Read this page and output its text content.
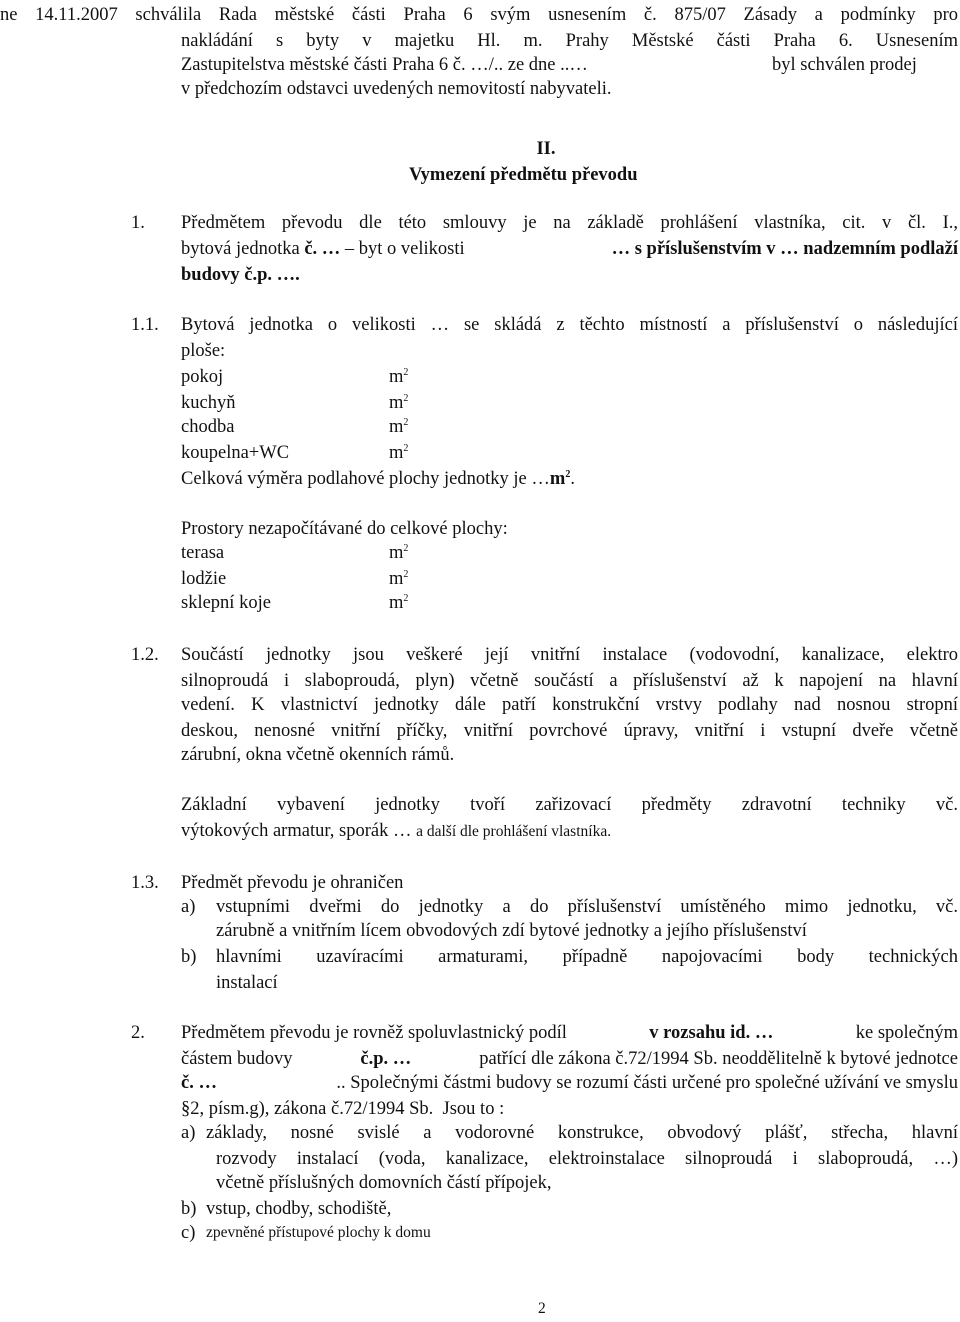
ne 14.11.2007 schválila Rada městské části Praha 6 svým usnesením č. 875/07 Zásady a podmínky pro
nakládání s byty v majetku Hl. m. Prahy Městské části Praha 6. Usnesením
Zastupitelstva městské části Praha 6 č. …/.. ze dne ..…	byl schválen prodej
v předchozím odstavci uvedených nemovitostí nabyvateli.
II.
Vymezení předmětu převodu
1. Předmětem převodu dle této smlouvy je na základě prohlášení vlastníka, cit. v čl. I.,
bytová jednotka č. … – byt o velikosti	… s příslušenstvím v … nadzemním podlaží
budovy č.p. ….
1.1. Bytová jednotka o velikosti … se skládá z těchto místností a příslušenství o následující
ploše:
pokoj	$m^2$
kuchyň	$m^2$
chodba	$m^2$
koupelna+WC	$m^2$
Celková výměra podlahové plochy jednotky je $\dots m^2$.
Prostory nezapočítávané do celkové plochy:
terasa	$m^2$
lodžie	$m^2$
sklepní koje	$m^2$
1.2. Součástí jednotky jsou veškeré její vnitřní instalace (vodovodní, kanalizace, elektro
silnoproudá i slaboproudá, plyn) včetně součástí a příslušenství až k napojení na hlavní
vedení. K vlastnictví jednotky dále patří konstrukční vrstvy podlahy nad nosnou stropní
deskou, nenosné vnitřní příčky, vnitřní povrchové úpravy, vnitřní i vstupní dveře včetně
zárubní, okna včetně okenních rámů.
Základní vybavení jednotky tvoří zařizovací předměty zdravotní techniky vč.
výtokových armatur, sporák … a další dle prohlášení vlastníka.
1.3. Předmět převodu je ohraničen
a) vstupními dveřmi do jednotky a do příslušenství umístěného mimo jednotku, vč.
zárubně a vnitřním lícem obvodových zdí bytové jednotky a jejího příslušenství
b) hlavními uzavíracími armaturami, případně napojovacími body technických
instalací
2. Předmětem převodu je rovněž spoluvlastnický podíl	v rozsahu id. …	ke společným
částem budovy	č.p. …	patřící dle zákona č.72/1994 Sb. neoddělitelně k bytové jednotce
č. …	.. Společnými částmi budovy se rozumí části určené pro společné užívání ve smyslu
§2, písm.g), zákona č.72/1994 Sb.  Jsou to :
a) základy, nosné svislé a vodorovné konstrukce, obvodový plášť, střecha, hlavní
rozvody instalací (voda, kanalizace, elektroinstalace silnoproudá i slaboproudá, …)
včetně příslušných domovních částí přípojek,
b) vstup, chodby, schodiště,
c) zpevněné přístupové plochy k domu
2
